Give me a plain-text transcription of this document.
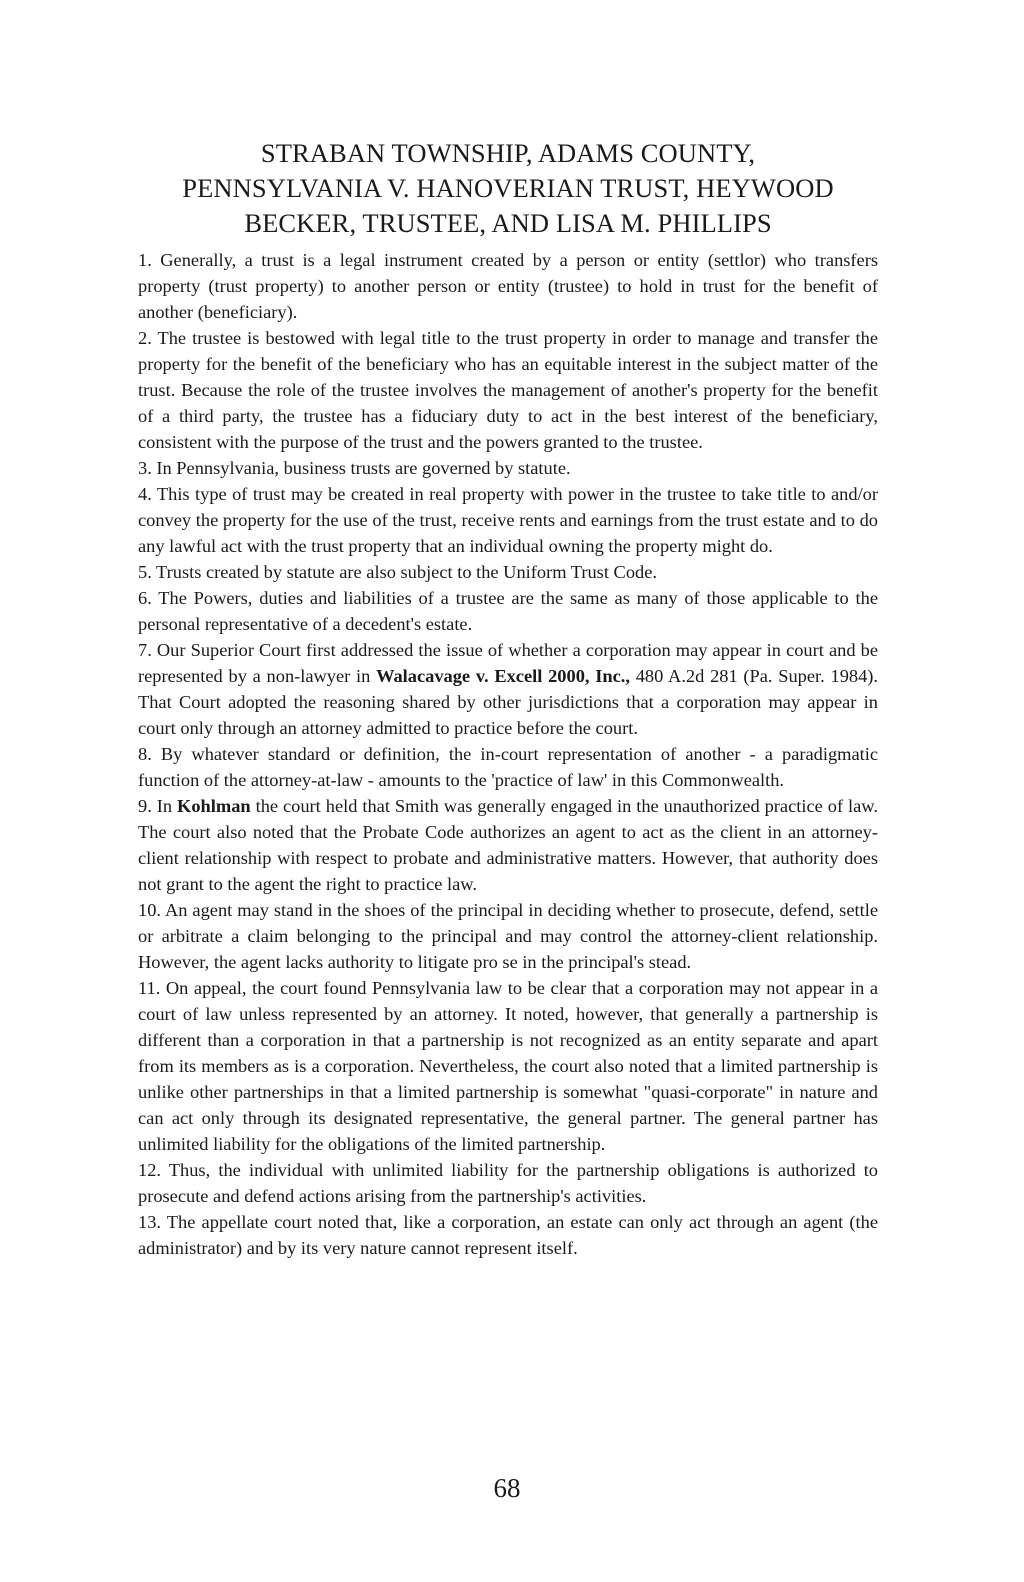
STRABAN TOWNSHIP, ADAMS COUNTY,
PENNSYLVANIA V. HANOVERIAN TRUST, HEYWOOD
BECKER, TRUSTEE, AND LISA M. PHILLIPS

1. Generally, a trust is a legal instrument created by a person or entity (settlor) who transfers property (trust property) to another person or entity (trustee) to hold in trust for the benefit of another (beneficiary).

2. The trustee is bestowed with legal title to the trust property in order to manage and transfer the property for the benefit of the beneficiary who has an equitable interest in the subject matter of the trust. Because the role of the trustee involves the management of another's property for the benefit of a third party, the trustee has a fiduciary duty to act in the best interest of the beneficiary, consistent with the purpose of the trust and the powers granted to the trustee.

3. In Pennsylvania, business trusts are governed by statute.

4. This type of trust may be created in real property with power in the trustee to take title to and/or convey the property for the use of the trust, receive rents and earnings from the trust estate and to do any lawful act with the trust property that an individual owning the property might do.

5. Trusts created by statute are also subject to the Uniform Trust Code.

6. The Powers, duties and liabilities of a trustee are the same as many of those applicable to the personal representative of a decedent's estate.

7. Our Superior Court first addressed the issue of whether a corporation may appear in court and be represented by a non-lawyer in Walacavage v. Excell 2000, Inc., 480 A.2d 281 (Pa. Super. 1984). That Court adopted the reasoning shared by other jurisdictions that a corporation may appear in court only through an attorney admitted to practice before the court.

8. By whatever standard or definition, the in-court representation of another - a paradigmatic function of the attorney-at-law - amounts to the 'practice of law' in this Commonwealth.

9. In Kohlman the court held that Smith was generally engaged in the unauthorized practice of law. The court also noted that the Probate Code authorizes an agent to act as the client in an attorney-client relationship with respect to probate and administrative matters. However, that authority does not grant to the agent the right to practice law.

10. An agent may stand in the shoes of the principal in deciding whether to prosecute, defend, settle or arbitrate a claim belonging to the principal and may control the attorney-client relationship. However, the agent lacks authority to litigate pro se in the principal's stead.

11. On appeal, the court found Pennsylvania law to be clear that a corporation may not appear in a court of law unless represented by an attorney. It noted, however, that generally a partnership is different than a corporation in that a partnership is not recognized as an entity separate and apart from its members as is a corporation. Nevertheless, the court also noted that a limited partnership is unlike other partnerships in that a limited partnership is somewhat "quasi-corporate" in nature and can act only through its designated representative, the general partner. The general partner has unlimited liability for the obligations of the limited partnership.

12. Thus, the individual with unlimited liability for the partnership obligations is authorized to prosecute and defend actions arising from the partnership's activities.

13. The appellate court noted that, like a corporation, an estate can only act through an agent (the administrator) and by its very nature cannot represent itself.

68
